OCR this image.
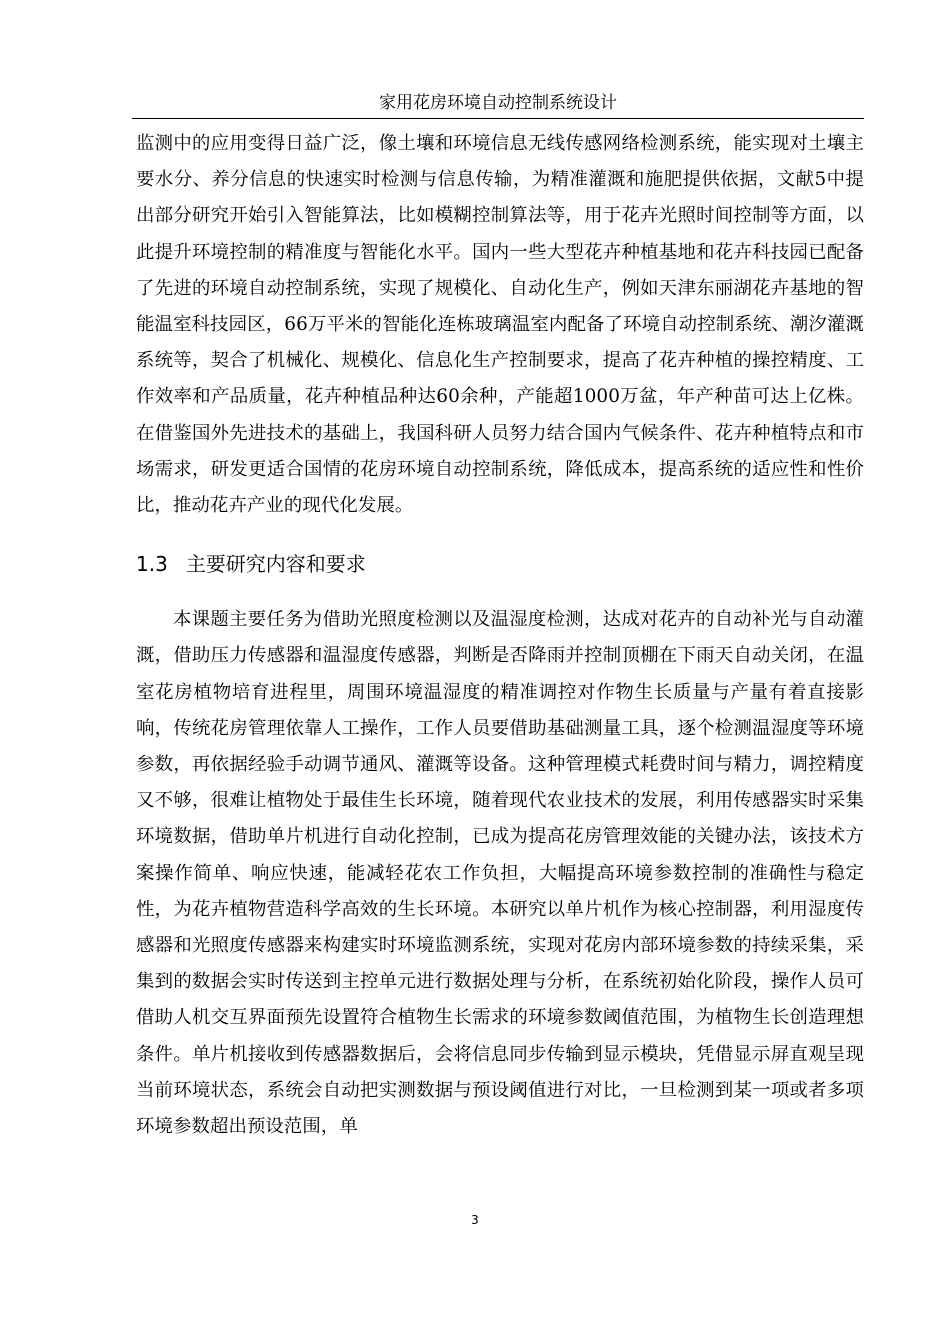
家用花房环境自动控制系统设计

监测中的应用变得日益广泛，像土壤和环境信息无线传感网络检测系统，能实现对土壤主要水分、养分信息的快速实时检测与信息传输，为精准灌溉和施肥提供依据，文献5中提出部分研究开始引入智能算法，比如模糊控制算法等，用于花卉光照时间控制等方面，以此提升环境控制的精准度与智能化水平。国内一些大型花卉种植基地和花卉科技园已配备了先进的环境自动控制系统，实现了规模化、自动化生产，例如天津东丽湖花卉基地的智能温室科技园区，66万平米的智能化连栋玻璃温室内配备了环境自动控制系统、潮汐灌溉系统等，契合了机械化、规模化、信息化生产控制要求，提高了花卉种植的操控精度、工作效率和产品质量，花卉种植品种达60余种，产能超1000万盆，年产种苗可达上亿株。在借鉴国外先进技术的基础上，我国科研人员努力结合国内气候条件、花卉种植特点和市场需求，研发更适合国情的花房环境自动控制系统，降低成本，提高系统的适应性和性价比，推动花卉产业的现代化发展。

1.3 主要研究内容和要求

本课题主要任务为借助光照度检测以及温湿度检测，达成对花卉的自动补光与自动灌溉，借助压力传感器和温湿度传感器，判断是否降雨并控制顶棚在下雨天自动关闭，在温室花房植物培育进程里，周围环境温湿度的精准调控对作物生长质量与产量有着直接影响，传统花房管理依靠人工操作，工作人员要借助基础测量工具，逐个检测温湿度等环境参数，再依据经验手动调节通风、灌溉等设备。这种管理模式耗费时间与精力，调控精度又不够，很难让植物处于最佳生长环境，随着现代农业技术的发展，利用传感器实时采集环境数据，借助单片机进行自动化控制，已成为提高花房管理效能的关键办法，该技术方案操作简单、响应快速，能减轻花农工作负担，大幅提高环境参数控制的准确性与稳定性，为花卉植物营造科学高效的生长环境。本研究以单片机作为核心控制器，利用湿度传感器和光照度传感器来构建实时环境监测系统，实现对花房内部环境参数的持续采集，采集到的数据会实时传送到主控单元进行数据处理与分析，在系统初始化阶段，操作人员可借助人机交互界面预先设置符合植物生长需求的环境参数阈值范围，为植物生长创造理想条件。单片机接收到传感器数据后，会将信息同步传输到显示模块，凭借显示屏直观呈现当前环境状态，系统会自动把实测数据与预设阈值进行对比，一旦检测到某一项或者多项环境参数超出预设范围，单

3
